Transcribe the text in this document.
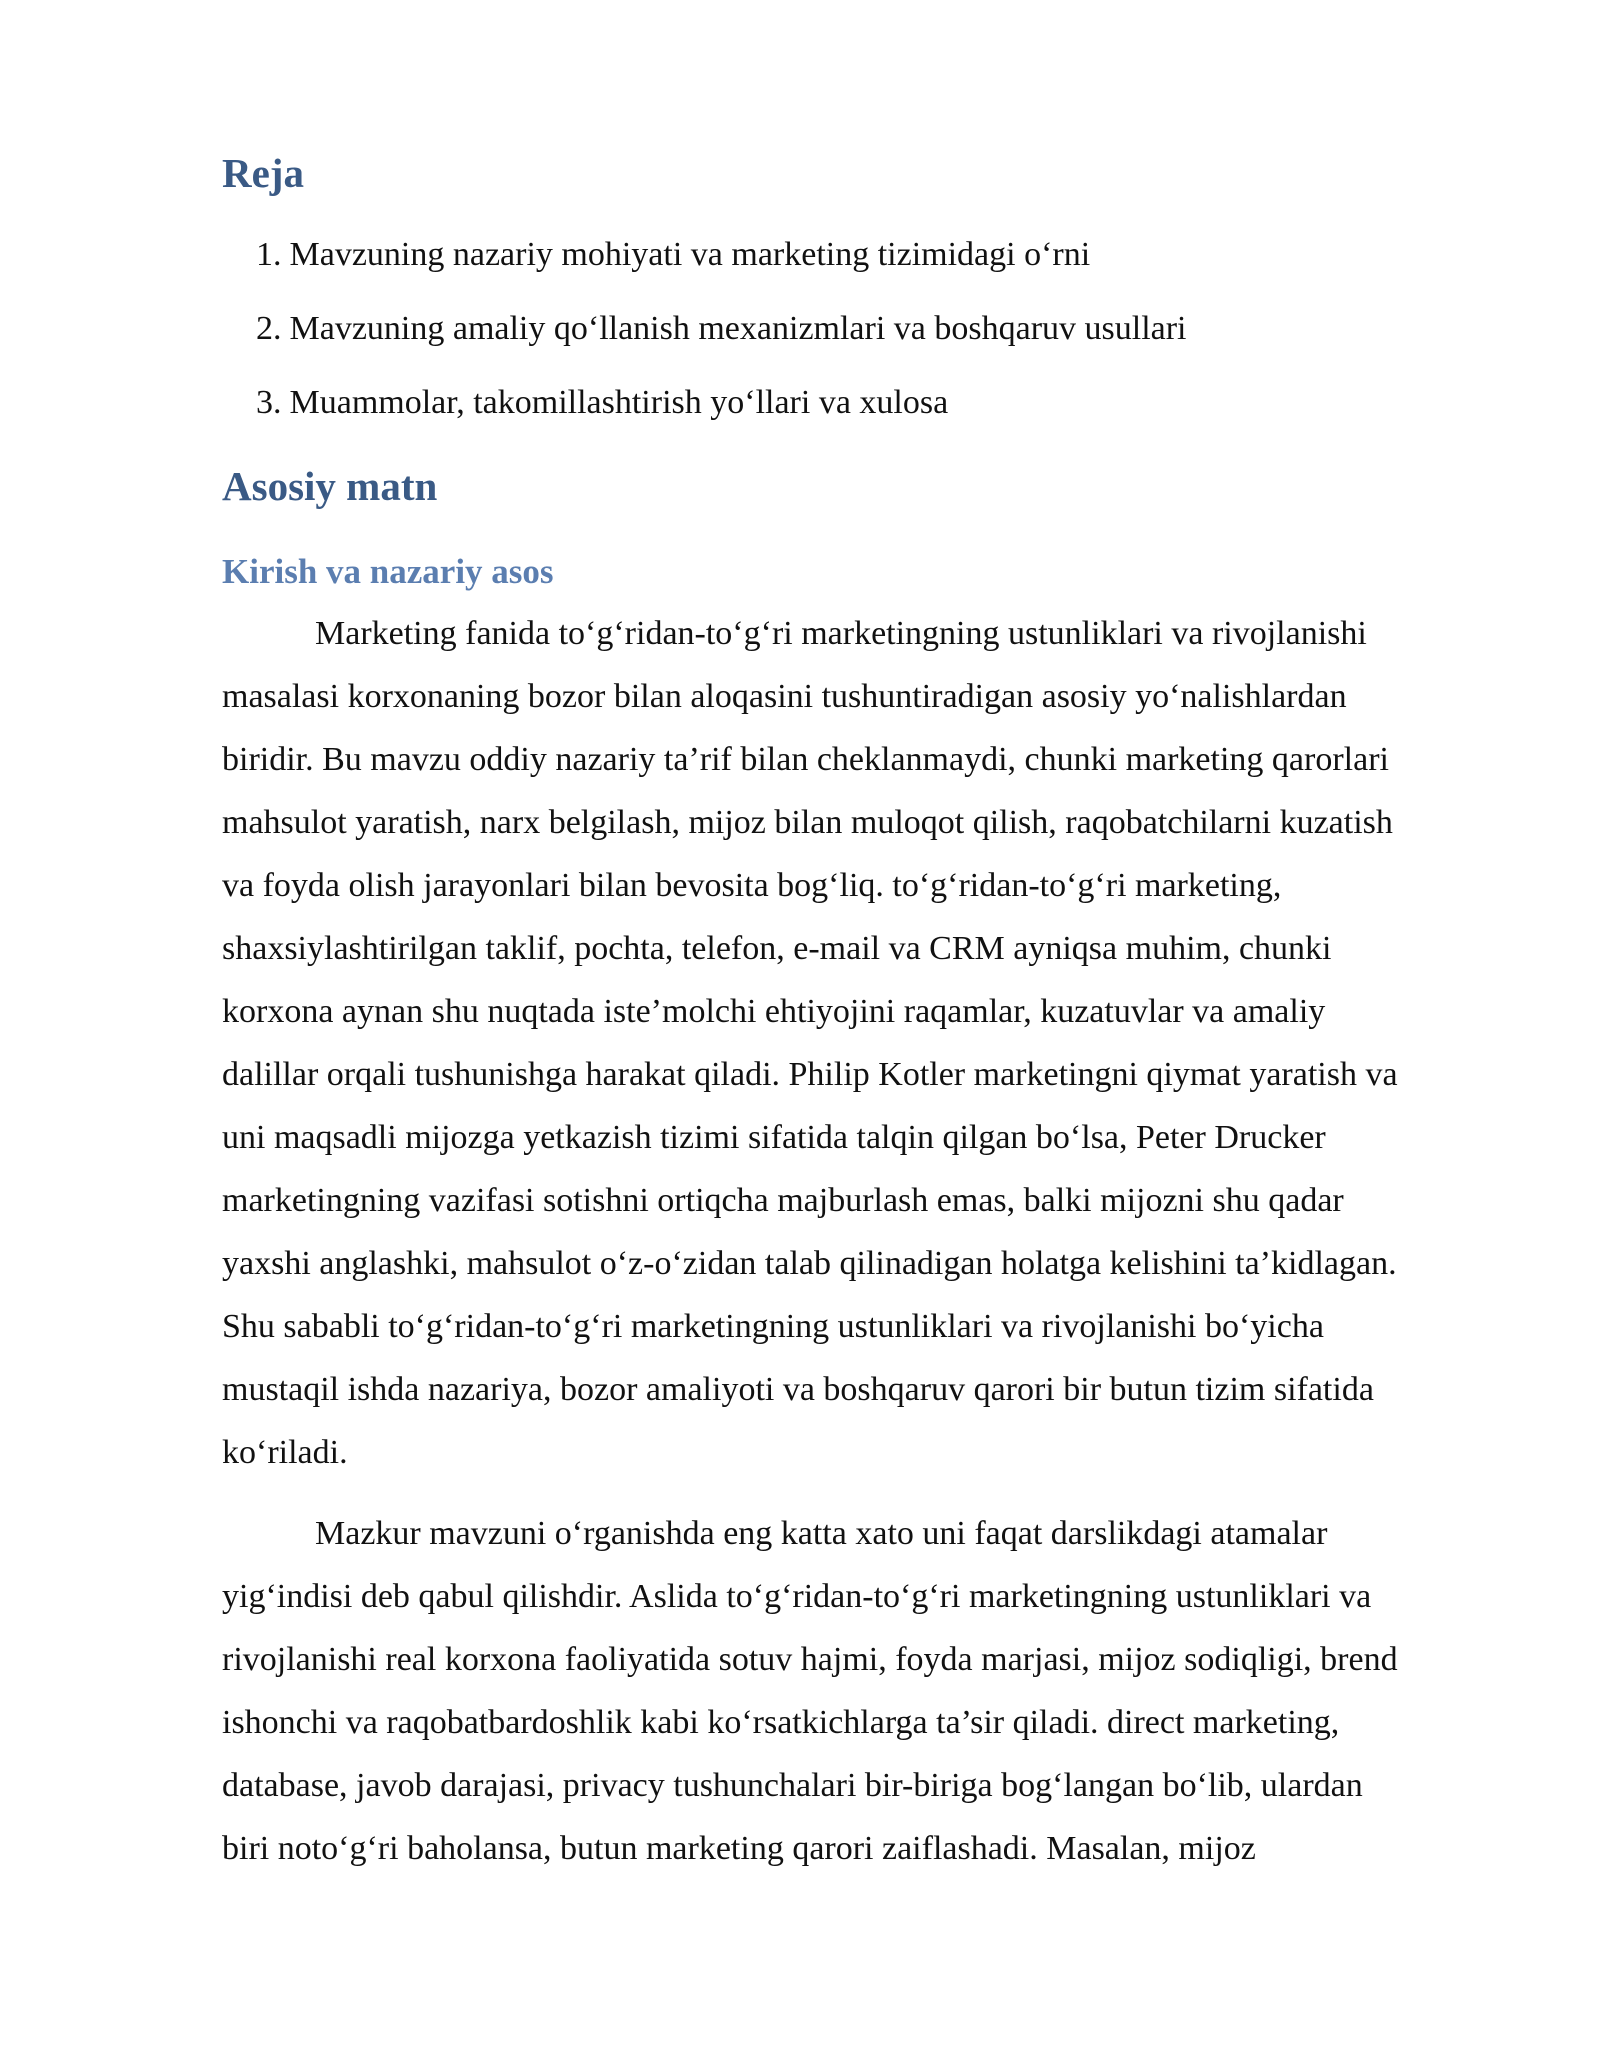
Reja
1. Mavzuning nazariy mohiyati va marketing tizimidagi o‘rni
2. Mavzuning amaliy qo‘llanish mexanizmlari va boshqaruv usullari
3. Muammolar, takomillashtirish yo‘llari va xulosa
Asosiy matn
Kirish va nazariy asos
Marketing fanida to‘g‘ridan-to‘g‘ri marketingning ustunliklari va rivojlanishi
masalasi korxonaning bozor bilan aloqasini tushuntiradigan asosiy yo‘nalishlardan
biridir. Bu mavzu oddiy nazariy ta’rif bilan cheklanmaydi, chunki marketing qarorlari
mahsulot yaratish, narx belgilash, mijoz bilan muloqot qilish, raqobatchilarni kuzatish
va foyda olish jarayonlari bilan bevosita bog‘liq. to‘g‘ridan-to‘g‘ri marketing,
shaxsiylashtirilgan taklif, pochta, telefon, e-mail va CRM ayniqsa muhim, chunki
korxona aynan shu nuqtada iste’molchi ehtiyojini raqamlar, kuzatuvlar va amaliy
dalillar orqali tushunishga harakat qiladi. Philip Kotler marketingni qiymat yaratish va
uni maqsadli mijozga yetkazish tizimi sifatida talqin qilgan bo‘lsa, Peter Drucker
marketingning vazifasi sotishni ortiqcha majburlash emas, balki mijozni shu qadar
yaxshi anglashki, mahsulot o‘z-o‘zidan talab qilinadigan holatga kelishini ta’kidlagan.
Shu sababli to‘g‘ridan-to‘g‘ri marketingning ustunliklari va rivojlanishi bo‘yicha
mustaqil ishda nazariya, bozor amaliyoti va boshqaruv qarori bir butun tizim sifatida
ko‘riladi.
Mazkur mavzuni o‘rganishda eng katta xato uni faqat darslikdagi atamalar
yig‘indisi deb qabul qilishdir. Aslida to‘g‘ridan-to‘g‘ri marketingning ustunliklari va
rivojlanishi real korxona faoliyatida sotuv hajmi, foyda marjasi, mijoz sodiqligi, brend
ishonchi va raqobatbardoshlik kabi ko‘rsatkichlarga ta’sir qiladi. direct marketing,
database, javob darajasi, privacy tushunchalari bir-biriga bog‘langan bo‘lib, ulardan
biri noto‘g‘ri baholansa, butun marketing qarori zaiflashadi. Masalan, mijoz
